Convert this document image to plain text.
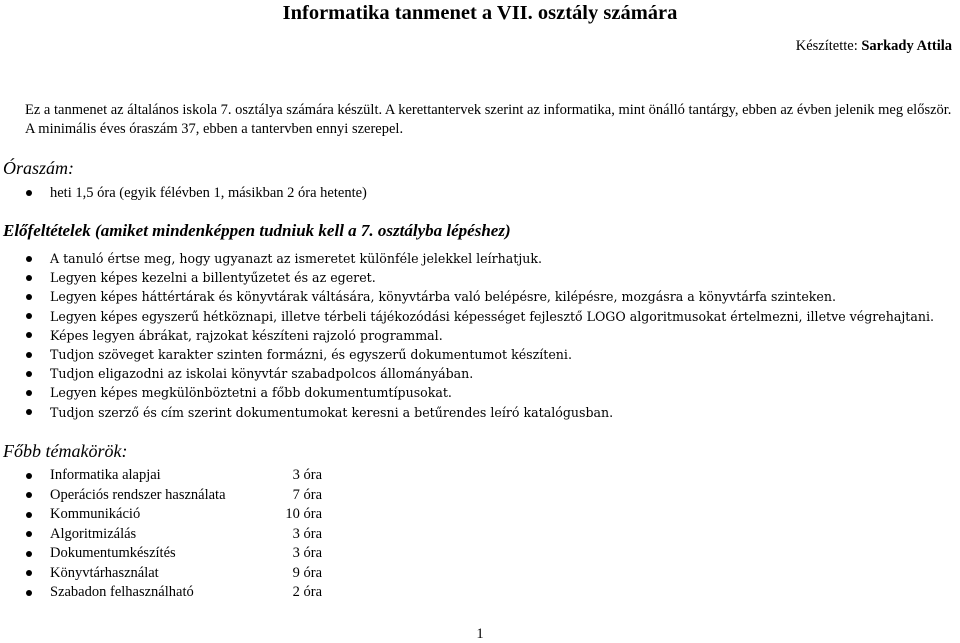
Informatika tanmenet a VII. osztály számára
Készítette: Sarkady Attila
Ez a tanmenet az általános iskola 7. osztálya számára készült. A kerettantervek szerint az informatika, mint önálló tantárgy, ebben az évben jelenik meg először. A minimális éves óraszám 37, ebben a tantervben ennyi szerepel.
Óraszám:
heti 1,5 óra (egyik félévben 1, másikban 2 óra hetente)
Előfeltételek (amiket mindenképpen tudniuk kell a 7. osztályba lépéshez)
A tanuló értse meg, hogy ugyanazt az ismeretet különféle jelekkel leírhatjuk.
Legyen képes kezelni a billentyűzetet és az egeret.
Legyen képes háttértárak és könyvtárak váltására, könyvtárba való belépésre, kilépésre, mozgásra a könyvtárfa szinteken.
Legyen képes egyszerű hétköznapi, illetve térbeli tájékozódási képességet fejlesztő LOGO algoritmusokat értelmezni, illetve végrehajtani.
Képes legyen ábrákat, rajzokat készíteni rajzoló programmal.
Tudjon szöveget karakter szinten formázni, és egyszerű dokumentumot készíteni.
Tudjon eligazodni az iskolai könyvtár szabadpolcos állományában.
Legyen képes megkülönböztetni a főbb dokumentumtípusokat.
Tudjon szerző és cím szerint dokumentumokat keresni a betűrendes leíró katalógusban.
Főbb témakörök:
Informatika alapjai	3 óra
Operációs rendszer használata	7 óra
Kommunikáció	10 óra
Algoritmizálás	3 óra
Dokumentumkészítés	3 óra
Könyvtárhasználat	9 óra
Szabadon felhasználható	2 óra
1
